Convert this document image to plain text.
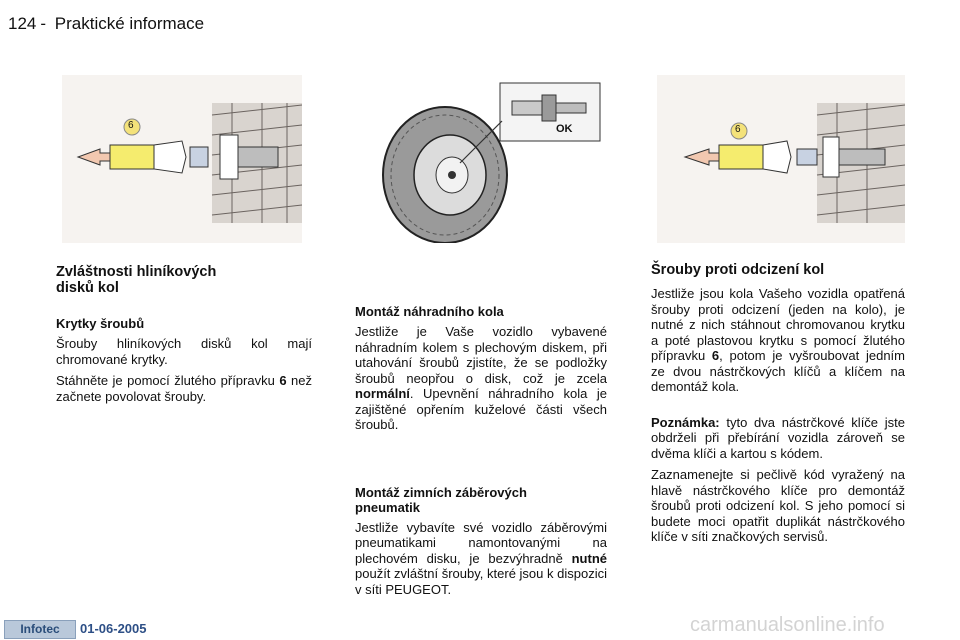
124 - Praktické informace
6	OK	6
Zvláštnosti hliníkových disků kol
Krytky šroubů

Šrouby hliníkových disků kol mají chromované krytky.

Stáhněte je pomocí žlutého přípravku 6 než začnete povolovat šrouby.

Montáž náhradního kola

Jestliže je Vaše vozidlo vybavené náhradním kolem s plechovým diskem, při utahování šroubů zjistíte, že se podložky šroubů neopřou o disk, což je zcela normální. Upevnění náhradního kola je zajištěné opřením kuželové části všech šroubů.

Montáž zimních záběrových pneumatik

Jestliže vybavíte své vozidlo záběrovými pneumatikami namontovanými na plechovém disku, je bezvýhradně nutné použít zvláštní šrouby, které jsou k dispozici v síti PEUGEOT.

Šrouby proti odcizení kol

Jestliže jsou kola Vašeho vozidla opatřená šrouby proti odcizení (jeden na kolo), je nutné z nich stáhnout chromovanou krytku a poté plastovou krytku s pomocí žlutého přípravku 6, potom je vyšroubovat jedním ze dvou nástrčkových klíčů a klíčem na demontáž kola.

Poznámka: tyto dva nástrčkové klíče jste obdrželi při přebírání vozidla zároveň se dvěma klíči a kartou s kódem.

Zaznamenejte si pečlivě kód vyražený na hlavě nástrčkového klíče pro demontáž šroubů proti odcizení kol. S jeho pomocí si budete moci opatřit duplikát nástrčkového klíče v síti značkových servisů.

Infotec	01-06-2005	carmanualsonline.info
